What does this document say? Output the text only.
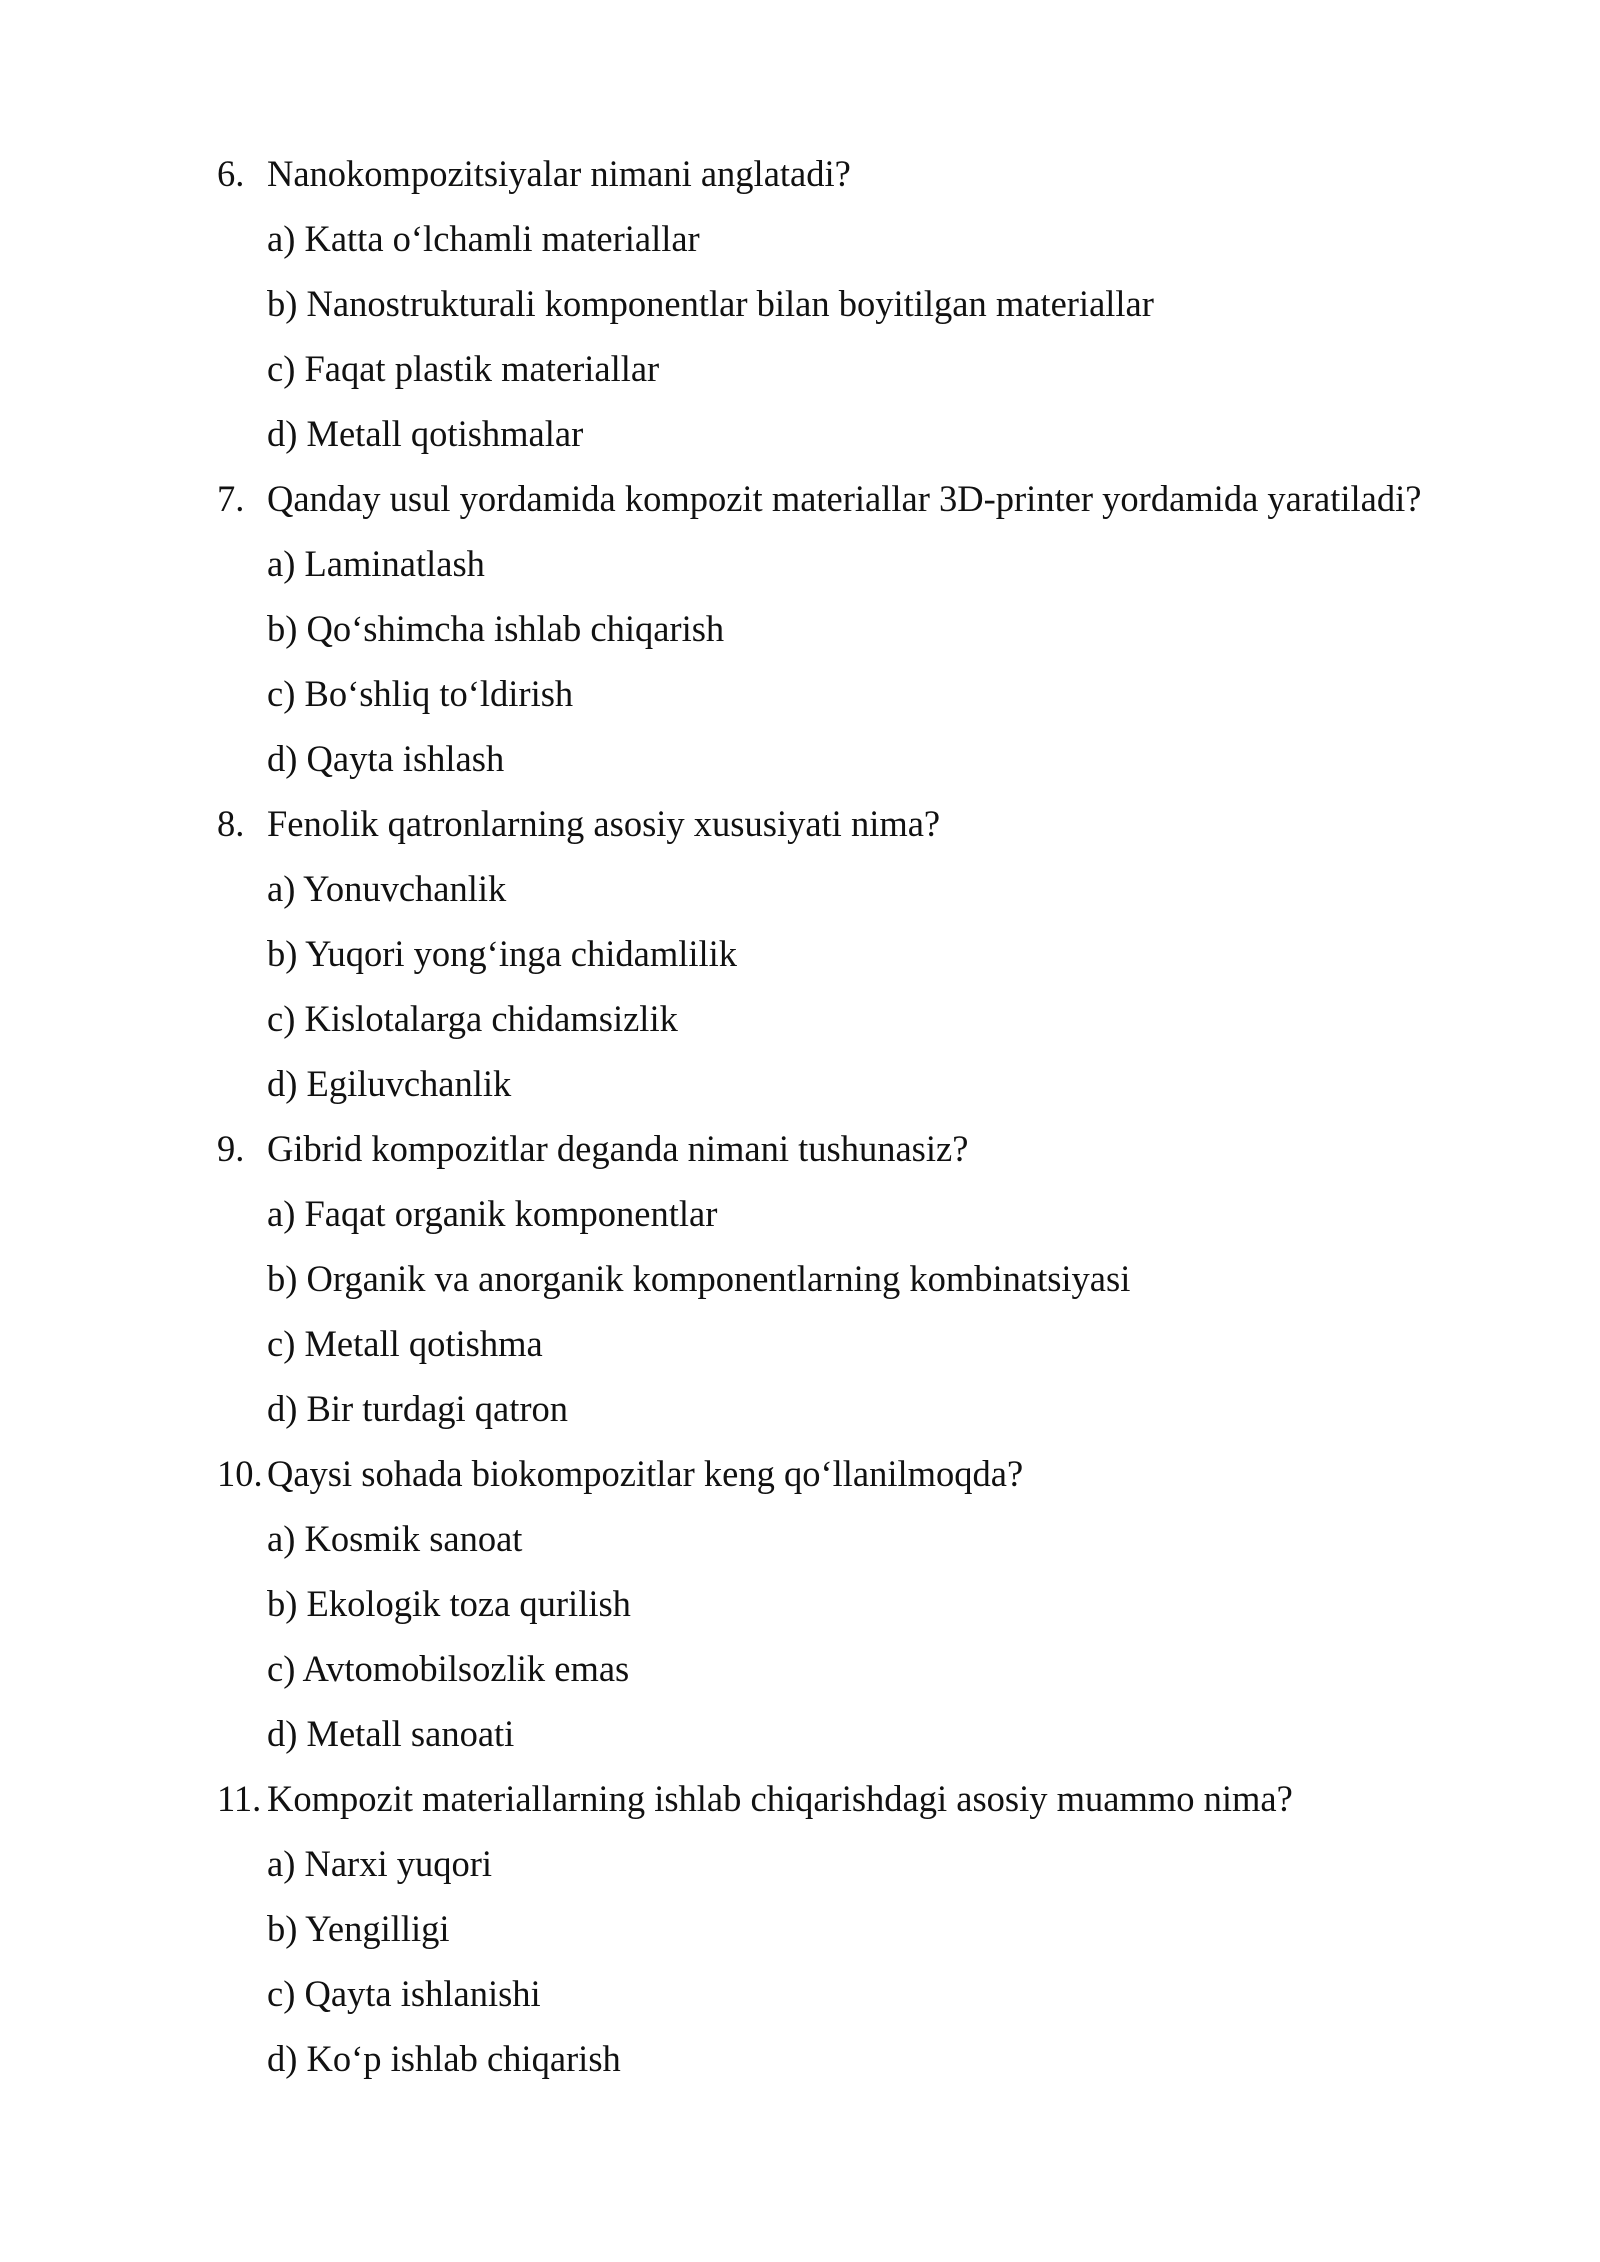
6. Nanokompozitsiyalar nimani anglatadi?
a) Katta o‘lchamli materiallar
b) Nanostrukturali komponentlar bilan boyitilgan materiallar
c) Faqat plastik materiallar
d) Metall qotishmalar
7. Qanday usul yordamida kompozit materiallar 3D-printer yordamida yaratiladi?
a) Laminatlash
b) Qo‘shimcha ishlab chiqarish
c) Bo‘shliq to‘ldirish
d) Qayta ishlash
8. Fenolik qatronlarning asosiy xususiyati nima?
a) Yonuvchanlik
b) Yuqori yong‘inga chidamlilik
c) Kislotalarga chidamsizlik
d) Egiluvchanlik
9. Gibrid kompozitlar deganda nimani tushunasiz?
a) Faqat organik komponentlar
b) Organik va anorganik komponentlarning kombinatsiyasi
c) Metall qotishma
d) Bir turdagi qatron
10. Qaysi sohada biokompozitlar keng qo‘llanilmoqda?
a) Kosmik sanoat
b) Ekologik toza qurilish
c) Avtomobilsozlik emas
d) Metall sanoati
11. Kompozit materiallarning ishlab chiqarishdagi asosiy muammo nima?
a) Narxi yuqori
b) Yengilligi
c) Qayta ishlanishi
d) Ko‘p ishlab chiqarish
